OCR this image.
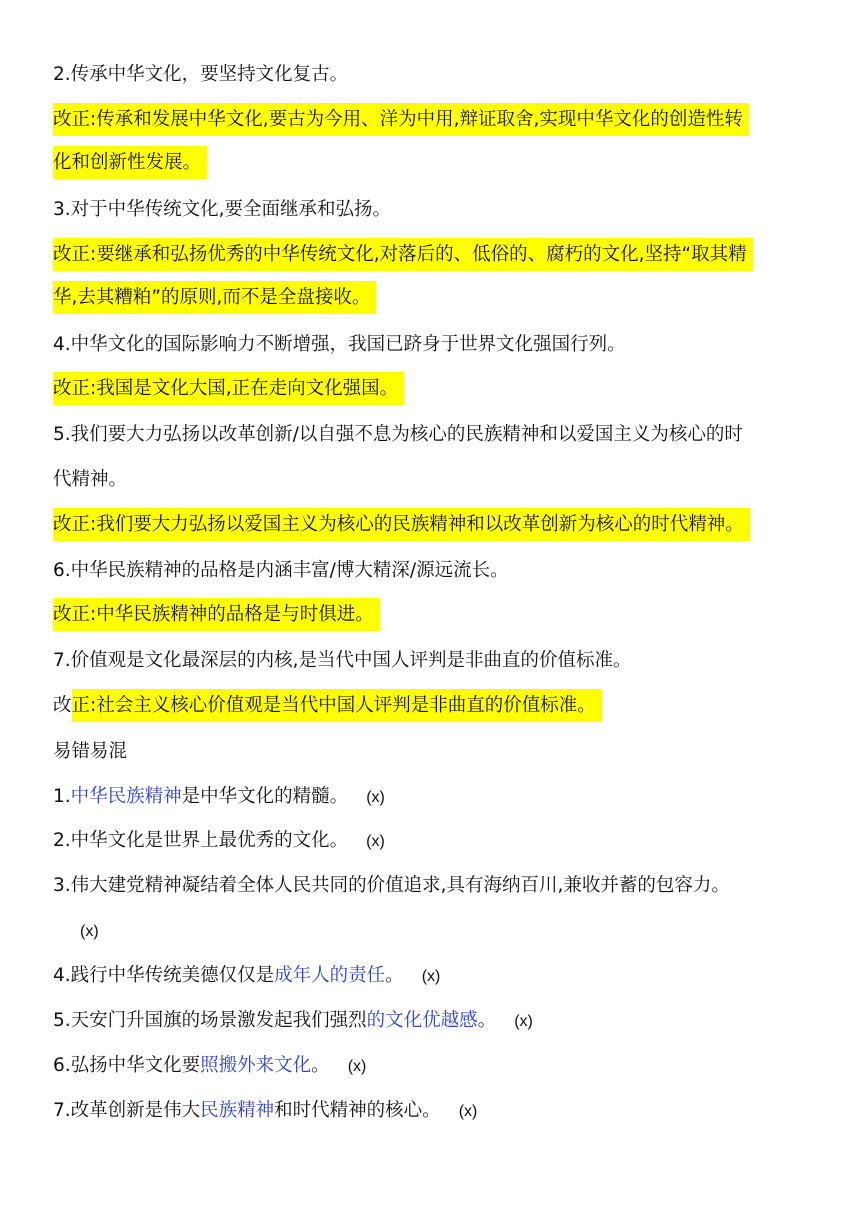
2.传承中华文化，要坚持文化复古。
改正:传承和发展中华文化,要古为今用、洋为中用,辩证取舍,实现中华文化的创造性转
化和创新性发展。
3.对于中华传统文化,要全面继承和弘扬。
改正:要继承和弘扬优秀的中华传统文化,对落后的、低俗的、腐朽的文化,坚持“取其精
华,去其糟粕”的原则,而不是全盘接收。
4.中华文化的国际影响力不断增强，我国已跻身于世界文化强国行列。
改正:我国是文化大国,正在走向文化强国。
5.我们要大力弘扬以改革创新/以自强不息为核心的民族精神和以爱国主义为核心的时
代精神。
改正:我们要大力弘扬以爱国主义为核心的民族精神和以改革创新为核心的时代精神。
6.中华民族精神的品格是内涵丰富/博大精深/源远流长。
改正:中华民族精神的品格是与时俱进。
7.价值观是文化最深层的内核,是当代中国人评判是非曲直的价值标准。
改正:社会主义核心价值观是当代中国人评判是非曲直的价值标准。
易错易混
1.中华民族精神是中华文化的精髓。 (x)
2.中华文化是世界上最优秀的文化。 (x)
3.伟大建党精神凝结着全体人民共同的价值追求,具有海纳百川,兼收并蓄的包容力。
(x)
4.践行中华传统美德仅仅是成年人的责任。 (x)
5.天安门升国旗的场景激发起我们强烈的文化优越感。 (x)
6.弘扬中华文化要照搬外来文化。 (x)
7.改革创新是伟大民族精神和时代精神的核心。 (x)
